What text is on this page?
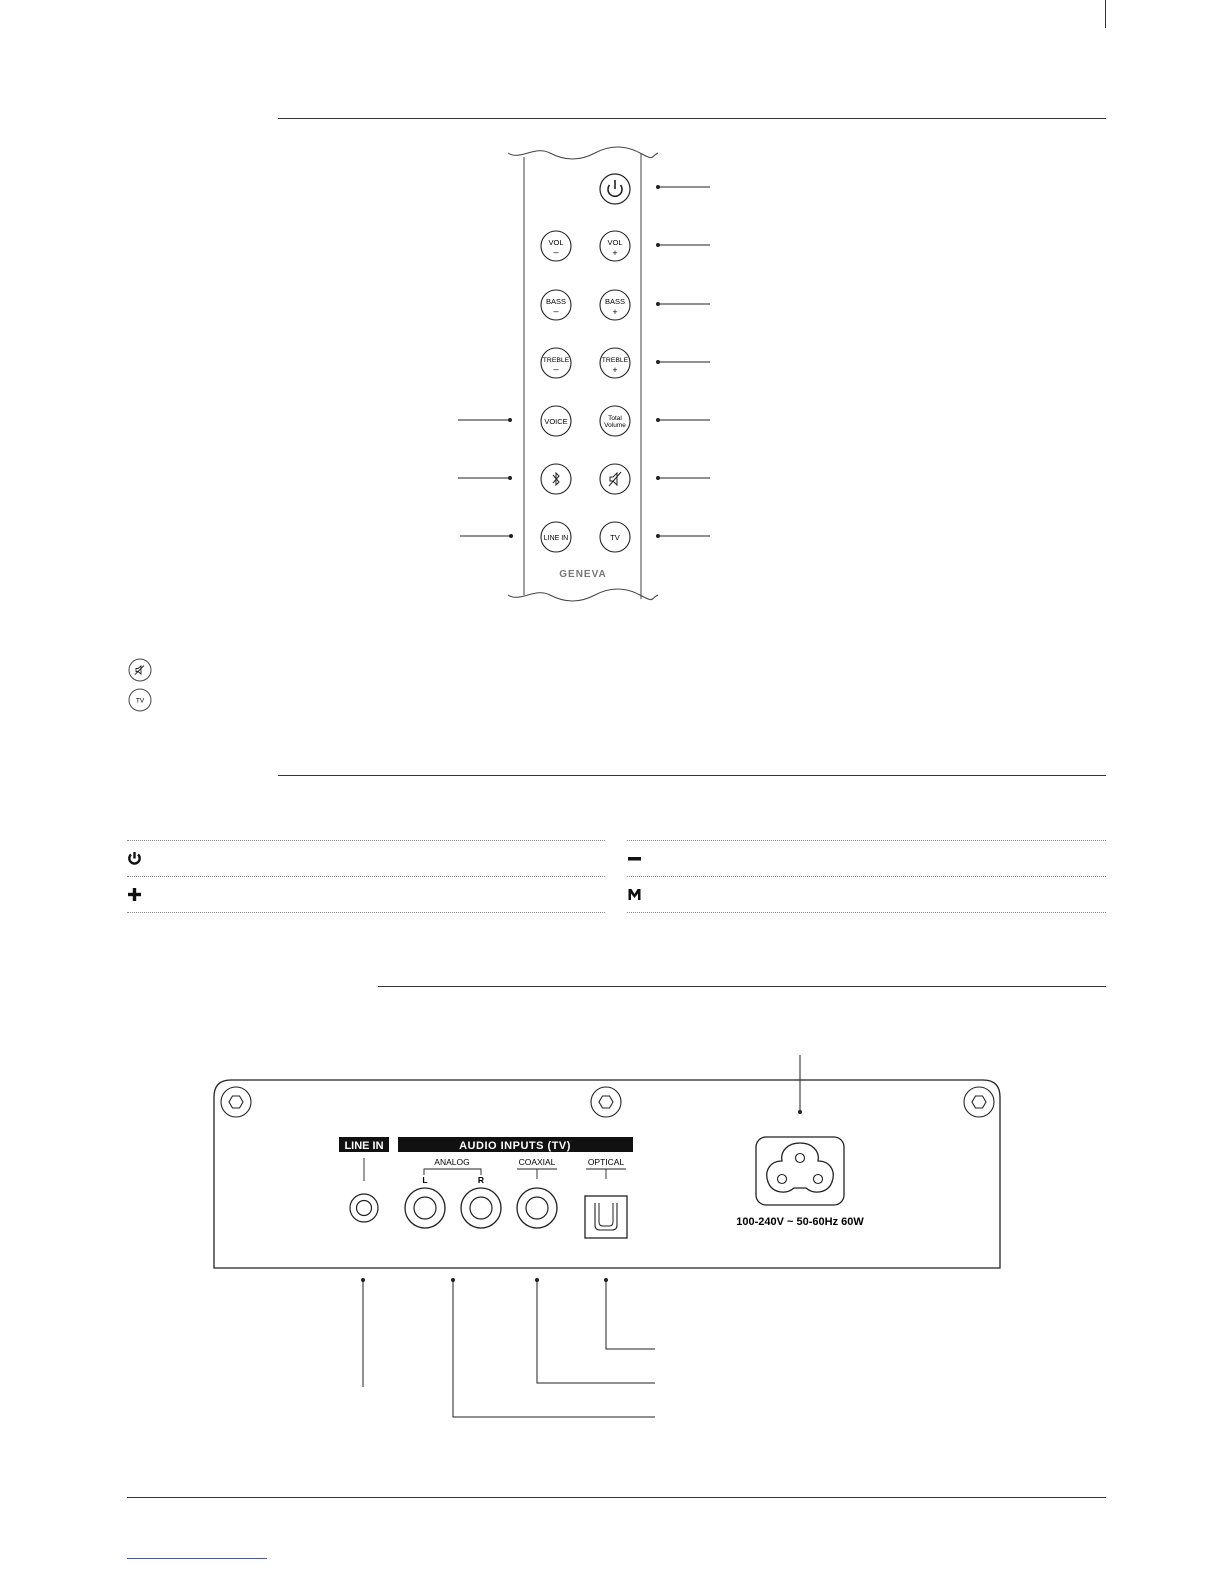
VOL
–
VOL
+
BASS
–
BASS
+
TREBLE
–
TREBLE
+
VOICE	Total
Volume
LINE IN	TV
GENEVA
TV
LINE IN	AUDIO INPUTS (TV)
ANALOG
L	R
COAXIAL	OPTICAL
100-240V ~ 50-60Hz 60W
